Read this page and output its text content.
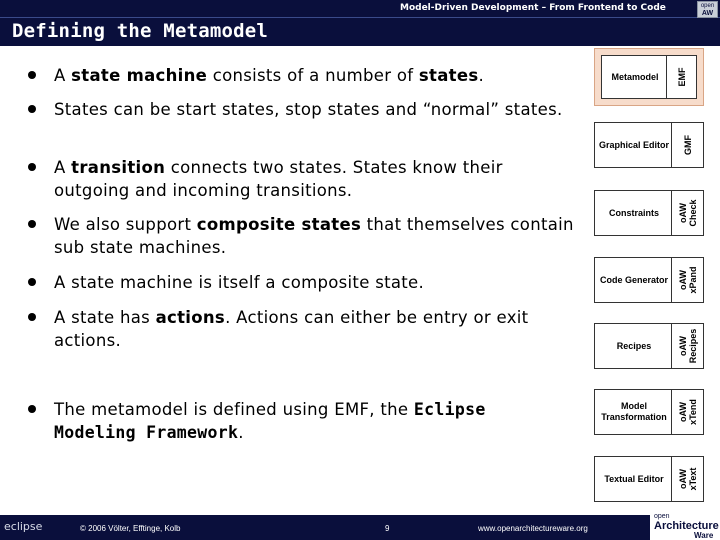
Model-Driven Development – From Frontend to Code	open
AW
Defining the Metamodel
A state machine consists of a number of states.
States can be start states, stop states and “normal” states.
A transition connects two states. States know their outgoing and incoming transitions.
We also support composite states that themselves contain sub state machines.
A state machine is itself a composite state.
A state has actions. Actions can either be entry or exit actions.
The metamodel is defined using EMF, the Eclipse Modeling Framework.
Metamodel	EMF
Graphical Editor	GMF
Constraints	oAW
Check
Code Generator	oAW
xPand
Recipes	oAW
Recipes
Model Transformation	oAW
xTend
Textual Editor	oAW
xText
eclipse	© 2006 Völter, Efftinge, Kolb	9	www.openarchitectureware.org
open
Architecture
Ware
